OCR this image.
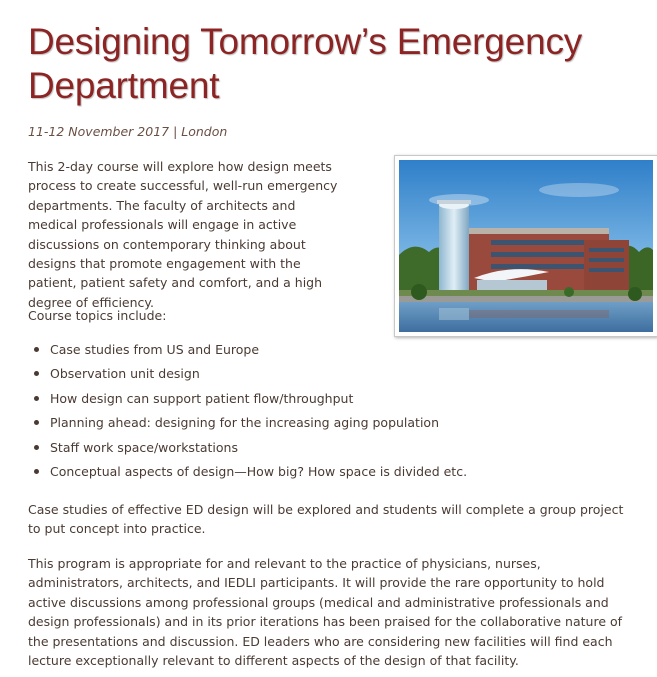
Designing Tomorrow’s Emergency Department
11-12 November 2017 | London

This 2-day course will explore how design meets process to create successful, well-run emergency departments. The faculty of architects and medical professionals will engage in active discussions on contemporary thinking about designs that promote engagement with the patient, patient safety and comfort, and a high degree of efficiency.

Course topics include:

Case studies from US and Europe
Observation unit design
How design can support patient flow/throughput
Planning ahead: designing for the increasing aging population
Staff work space/workstations
Conceptual aspects of design—How big? How space is divided etc.

Case studies of effective ED design will be explored and students will complete a group project to put concept into practice.

This program is appropriate for and relevant to the practice of physicians, nurses, administrators, architects, and IEDLI participants. It will provide the rare opportunity to hold active discussions among professional groups (medical and administrative professionals and design professionals) and in its prior iterations has been praised for the collaborative nature of the presentations and discussion. ED leaders who are considering new facilities will find each lecture exceptionally relevant to different aspects of the design of that facility.
